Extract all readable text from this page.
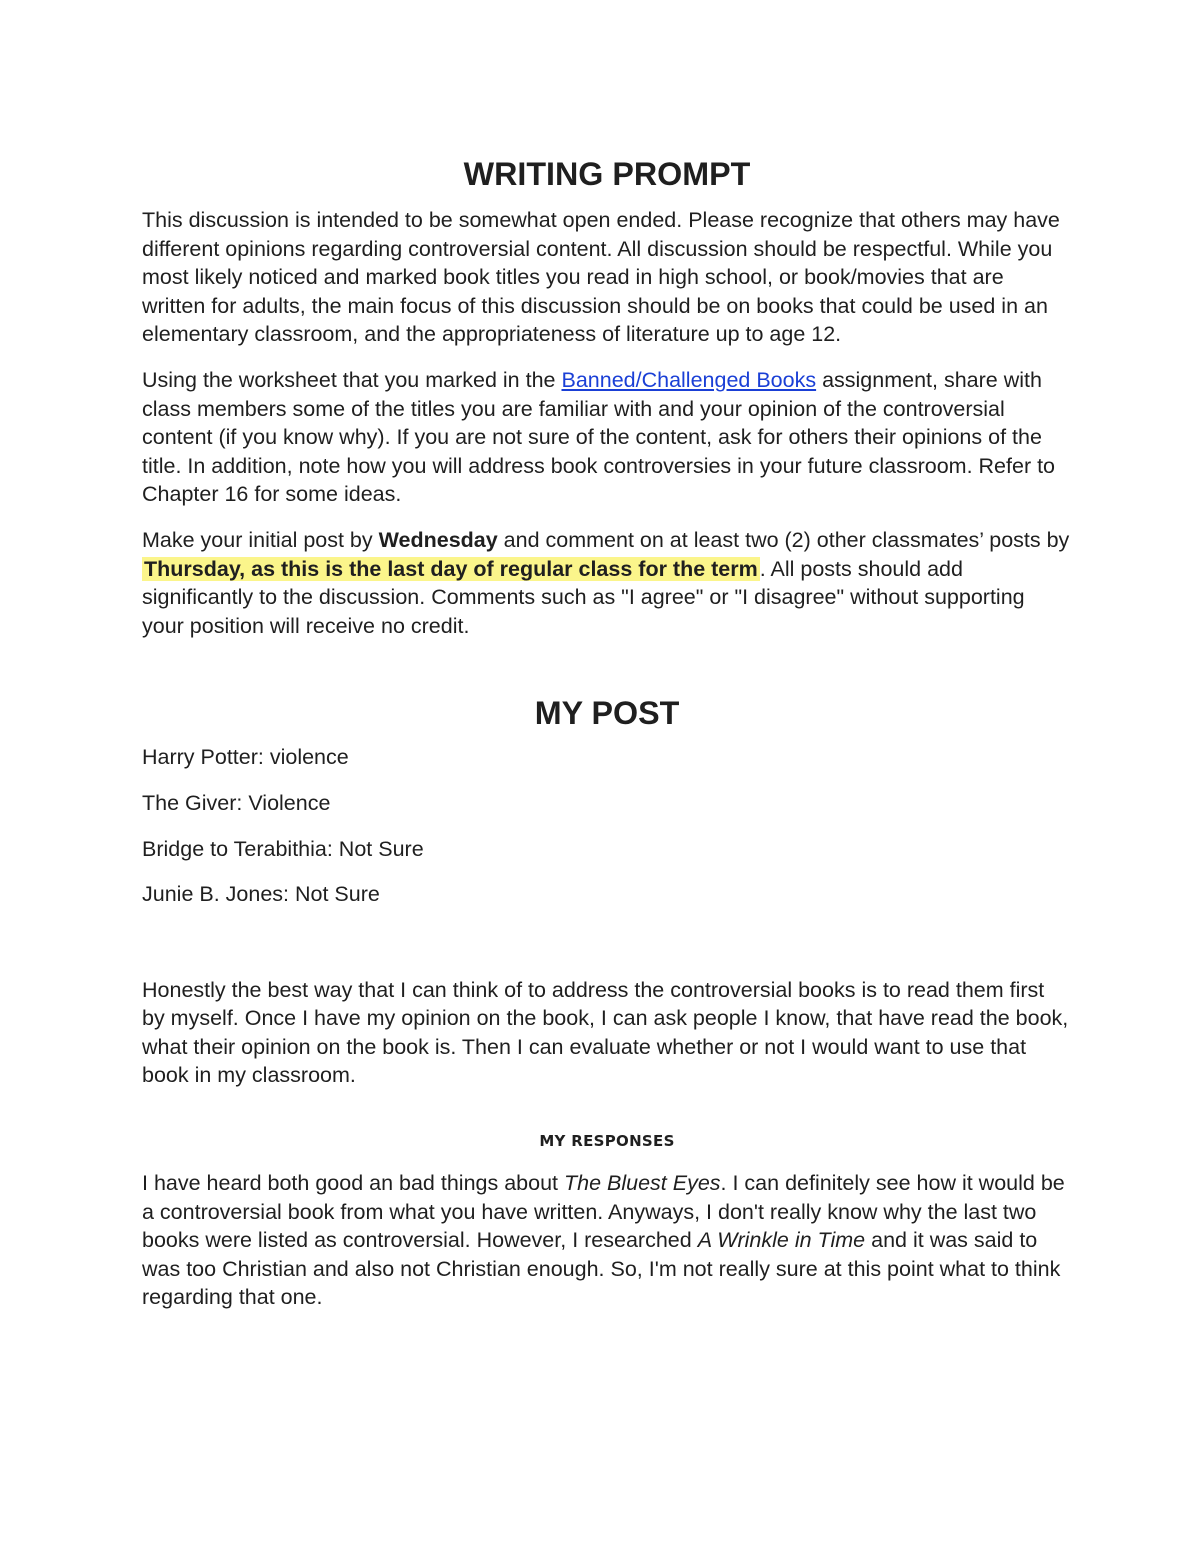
WRITING PROMPT

This discussion is intended to be somewhat open ended. Please recognize that others may have different opinions regarding controversial content. All discussion should be respectful. While you most likely noticed and marked book titles you read in high school, or book/movies that are written for adults, the main focus of this discussion should be on books that could be used in an elementary classroom, and the appropriateness of literature up to age 12.

Using the worksheet that you marked in the Banned/Challenged Books assignment, share with class members some of the titles you are familiar with and your opinion of the controversial content (if you know why). If you are not sure of the content, ask for others their opinions of the title. In addition, note how you will address book controversies in your future classroom. Refer to Chapter 16 for some ideas.

Make your initial post by Wednesday and comment on at least two (2) other classmates’ posts by Thursday, as this is the last day of regular class for the term. All posts should add significantly to the discussion. Comments such as "I agree" or "I disagree" without supporting your position will receive no credit.

MY POST

Harry Potter: violence

The Giver: Violence

Bridge to Terabithia: Not Sure

Junie B. Jones: Not Sure

Honestly the best way that I can think of to address the controversial books is to read them first by myself. Once I have my opinion on the book, I can ask people I know, that have read the book, what their opinion on the book is. Then I can evaluate whether or not I would want to use that book in my classroom.

MY RESPONSES

I have heard both good an bad things about The Bluest Eyes. I can definitely see how it would be a controversial book from what you have written. Anyways, I don't really know why the last two books were listed as controversial. However, I researched A Wrinkle in Time and it was said to was too Christian and also not Christian enough. So, I'm not really sure at this point what to think regarding that one.
